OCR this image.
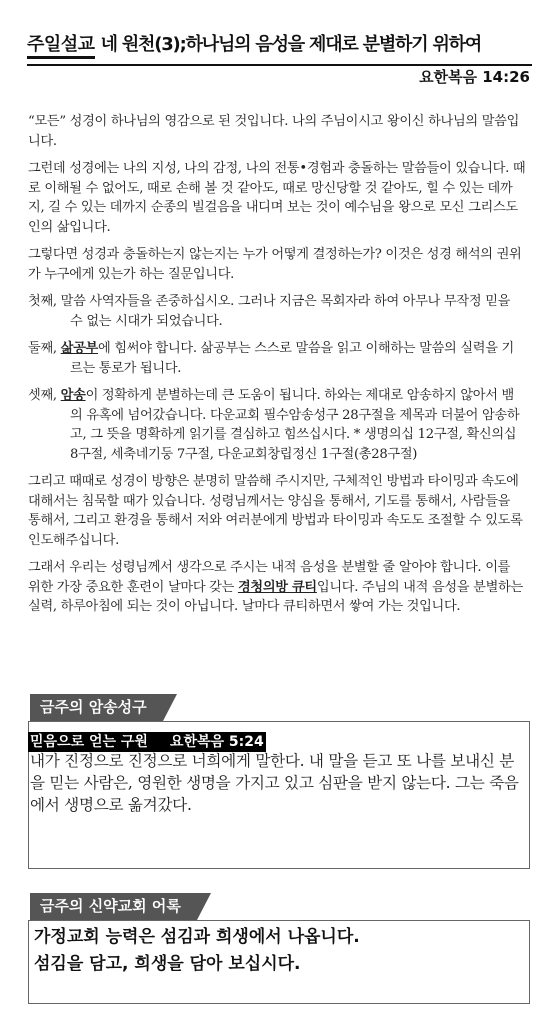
주일설교 네 원천(3);하나님의 음성을 제대로 분별하기 위하여
요한복음 14:26

“모든” 성경이 하나님의 영감으로 된 것입니다. 나의 주님이시고 왕이신 하나님의 말씀입니다.

그런데 성경에는 나의 지성, 나의 감정, 나의 전통•경험과 충돌하는 말씀들이 있습니다. 때로 이해될 수 없어도, 때로 손해 볼 것 같아도, 때로 망신당할 것 같아도, 힐 수 있는 데까지, 길 수 있는 데까지 순종의 빌걸음을 내디며 보는 것이 예수님을 왕으로 모신 그리스도인의 삶입니다.

그렇다면 성경과 충돌하는지 않는지는 누가 어떻게 결정하는가? 이것은 성경 해석의 권위가 누구에게 있는가 하는 질문입니다.

첫째, 말씀 사역자들을 존중하십시오. 그러나 지금은 목회자라 하여 아무나 무작정 믿을 수 없는 시대가 되었습니다.
둘째, 삶공부에 힘써야 합니다. 삶공부는 스스로 말씀을 읽고 이해하는 말씀의 실력을 기르는 통로가 됩니다.
셋째, 암송이 정확하게 분별하는데 큰 도움이 됩니다. 하와는 제대로 암송하지 않아서 뱀의 유혹에 넘어갔습니다. 다운교회 필수암송성구 28구절을 제목과 더불어 암송하고, 그 뜻을 명확하게 읽기를 결심하고 힘쓰십시다. * 생명의십 12구절, 확신의십 8구절, 세축네기둥 7구절, 다운교회창립정신 1구절(총28구절)

그리고 때때로 성경이 방향은 분명히 말씀해 주시지만, 구체적인 방법과 타이밍과 속도에 대해서는 침묵할 때가 있습니다. 성령님께서는 양심을 통해서, 기도를 통해서, 사람들을 통해서, 그리고 환경을 통해서 저와 여러분에게 방법과 타이밍과 속도도 조절할 수 있도록 인도해주십니다.

그래서 우리는 성령님께서 생각으로 주시는 내적 음성을 분별할 줄 알아야 합니다. 이를 위한 가장 중요한 훈련이 날마다 갖는 경청의방 큐티입니다. 주님의 내적 음성을 분별하는 실력, 하루아침에 되는 것이 아닙니다. 날마다 큐티하면서 쌓여 가는 것입니다.

금주의 암송성구
믿음으로 얻는 구원 요한복음 5:24
내가 진정으로 진정으로 너희에게 말한다. 내 말을 듣고 또 나를 보내신 분을 믿는 사람은, 영원한 생명을 가지고 있고 심판을 받지 않는다. 그는 죽음에서 생명으로 옮겨갔다.
금주의 신약교회 어록
가정교회 능력은 섬김과 희생에서 나옵니다.
섬김을 담고, 희생을 담아 보십시다.
